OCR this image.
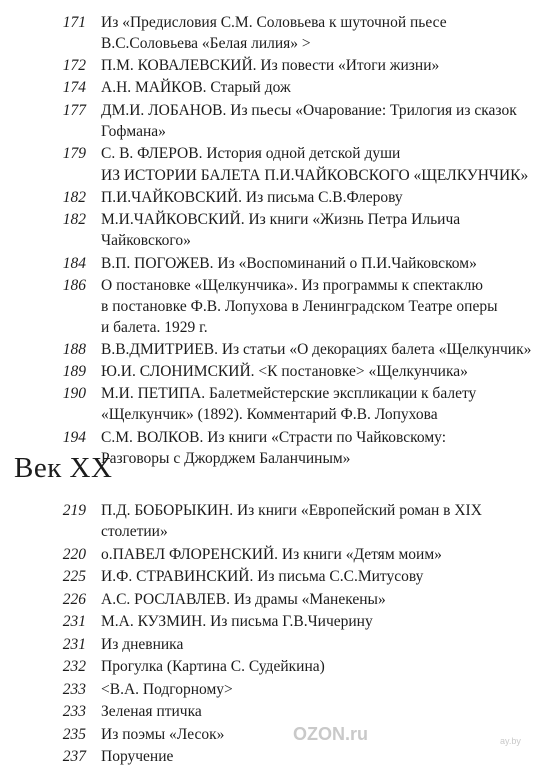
171 Из «Предисловия С.М. Соловьева к шуточной пьесе
В.С.Соловьева «Белая лилия» >
172 П.М. КОВАЛЕВСКИЙ. Из повести «Итоги жизни»
174 А.Н. МАЙКОВ. Старый дож
177 ДМ.И. ЛОБАНОВ. Из пьесы «Очарование: Трилогия из сказок
Гофмана»
179 С. В. ФЛЕРОВ. История одной детской души
ИЗ ИСТОРИИ БАЛЕТА П.И.ЧАЙКОВСКОГО «ЩЕЛКУНЧИК»
182 П.И.ЧАЙКОВСКИЙ. Из письма С.В.Флерову
182 М.И.ЧАЙКОВСКИЙ. Из книги «Жизнь Петра Ильича
Чайковского»
184 В.П. ПОГОЖЕВ. Из «Воспоминаний о П.И.Чайковском»
186 О постановке «Щелкунчика». Из программы к спектаклю
в постановке Ф.В. Лопухова в Ленинградском Театре оперы
и балета. 1929 г.
188 В.В.ДМИТРИЕВ. Из статьи «О декорациях балета «Щелкунчик»
189 Ю.И. СЛОНИМСКИЙ. <К постановке> «Щелкунчика»
190 М.И. ПЕТИПА. Балетмейстерские экспликации к балету
«Щелкунчик» (1892). Комментарий Ф.В. Лопухова
194 С.М. ВОЛКОВ. Из книги «Страсти по Чайковскому:
Разговоры с Джорджем Баланчиным»
Век XX
219 П.Д. БОБОРЫКИН. Из книги «Европейский роман в XIX
столетии»
220 о.ПАВЕЛ ФЛОРЕНСКИЙ. Из книги «Детям моим»
225 И.Ф. СТРАВИНСКИЙ. Из письма С.С.Митусову
226 А.С. РОСЛАВЛЕВ. Из драмы «Манекены»
231 М.А. КУЗМИН. Из письма Г.В.Чичерину
231 Из дневника
232 Прогулка (Картина С. Судейкина)
233 <В.А. Подгорному>
233 Зеленая птичка
235 Из поэмы «Лесок»
237 Поручение
OZON.ru	ay.by
